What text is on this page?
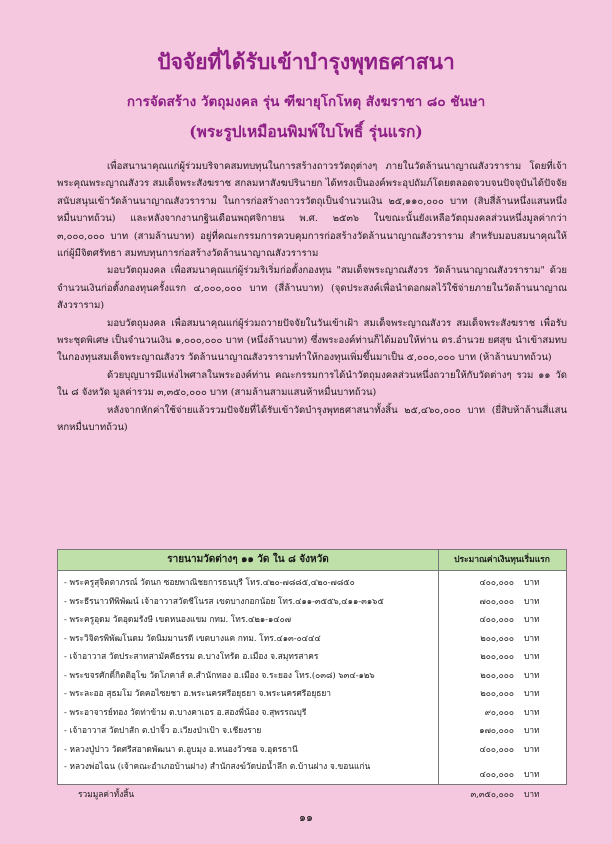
ปัจจัยที่ได้รับเข้าบำรุงพุทธศาสนา
การจัดสร้าง วัตถุมงคล รุ่น ฑีฆายุโกโหตุ สังฆราชา ๘๐ ชันษา
(พระรูปเหมือนพิมพ์ใบโพธิ์ รุ่นแรก)

เพื่อสนานาคุณแก่ผู้ร่วมบริจาคสมทบทุนในการสร้างถาวรวัตถุต่างๆ ภายในวัดล้านนาญาณสังวราราม โดยที่เจ้าพระคุณพระญาณสังวร สมเด็จพระสังฆราช สกลมหาสังฆปรินายก ได้ทรงเป็นองค์พระอุปถัมภ์โดยตลอดจวบจนปัจจุบันได้ปัจจัยสนับสนุนเข้าวัดล้านนาญาณสังวราราม ในการก่อสร้างถาวรวัตถุเป็นจำนวนเงิน ๒๕,๑๑๐,๐๐๐ บาท (สิบสี่ล้านหนึ่งแสนหนึ่งหมื่นบาทถ้วน) และหลังจากงานกฐินเดือนพฤศจิกายน พ.ศ. ๒๕๓๖ ในขณะนั้นยังเหลือวัตถุมงคลส่วนหนึ่งมูลค่ากว่า ๓,๐๐๐,๐๐๐ บาท (สามล้านบาท) อยู่ที่คณะกรรมการควบคุมการก่อสร้างวัดล้านนาญาณสังวราราม สำหรับมอบสมนาคุณให้แก่ผู้มีจิตศรัทธา สมทบทุนการก่อสร้างวัดล้านนาญาณสังวราราม

มอบวัตถุมงคล เพื่อสมนาคุณแก่ผู้ร่วมริเริ่มก่อตั้งกองทุน "สมเด็จพระญาณสังวร วัดล้านนาญาณสังวราราม" ด้วยจำนวนเงินก่อตั้งกองทุนครั้งแรก ๔,๐๐๐,๐๐๐ บาท (สี่ล้านบาท) (จุดประสงค์เพื่อนำดอกผลไว้ใช้จ่ายภายในวัดล้านนาญาณสังวราราม)

มอบวัตถุมงคล เพื่อสมนาคุณแก่ผู้ร่วมถวายปัจจัยในวันเข้าเฝ้า สมเด็จพระญาณสังวร สมเด็จพระสังฆราช เพื่อรับพระชุดพิเศษ เป็นจำนวนเงิน ๑,๐๐๐,๐๐๐ บาท (หนึ่งล้านบาท) ซึ่งพระองค์ท่านก็ได้มอบให้ท่าน ดร.อำนวย ยศสุข นำเข้าสมทบในกองทุนสมเด็จพระญาณสังวร วัดล้านนาญาณสังวรารามทำให้กองทุนเพิ่มขึ้นมาเป็น ๕,๐๐๐,๐๐๐ บาท (ห้าล้านบาทถ้วน)

ด้วยบุญบารมีแห่งไพศาลในพระองค์ท่าน คณะกรรมการได้นำวัตถุมงคลส่วนหนึ่งถวายให้กับวัดต่างๆ รวม ๑๑ วัด ใน ๘ จังหวัด มูลค่ารวม ๓,๓๕๐,๐๐๐ บาท (สามล้านสามแสนห้าหมื่นบาทถ้วน)

หลังจากหักค่าใช้จ่ายแล้วรวมปัจจัยที่ได้รับเข้าวัดบำรุงพุทธศาสนาทั้งสิ้น ๒๕,๔๖๐,๐๐๐ บาท (ยี่สิบห้าล้านสี่แสนหกหมื่นบาทถ้วน)

รายนามวัดต่างๆ ๑๑ วัด ใน ๘ จังหวัด	ประมาณค่าเงินทุนเริ่มแรก
- พระครูสุจิตตาภรณ์ วัดนก ซอยพาณิชยการธนบุรี โทร.๔๒๐-๗๘๘๕,๔๒๐-๗๘๕๐	๔๐๐,๐๐๐ บาท
- พระธีรนาวทีพิพัฒน์ เจ้าอาวาสวัดชีโนรส เขตบางกอกน้อย โทร.๔๑๑-๓๕๕๖,๔๑๑-๓๑๖๕	๗๐๐,๐๐๐ บาท
- พระครูอุดม วัดอุดมรังษี เขตหนองแขม กทม. โทร.๔๒๑-๑๔๐๗	๔๐๐,๐๐๐ บาท
- พระวิจิตรพิพัฒโนดม วัดนิมมานรดี เขตบางแค กทม. โทร.๔๑๓-๐๔๔๔	๒๐๐,๐๐๐ บาท
- เจ้าอาวาส วัดประสาทสามัคคีธรรม ต.บางโทรัด อ.เมือง จ.สมุทรสาคร	๒๐๐,๐๐๐ บาท
- พระขจรศักดิ์กิตติอุโฆ วัดโภคาส์ ต.สำนักทอง อ.เมือง จ.ระยอง โทร.(๐๓๘) ๖๓๔-๑๒๖	๒๐๐,๐๐๐ บาท
- พระละออ สุธมโม วัดคอไซยชา อ.พระนครศรีอยุธยา จ.พระนครศรีอยุธยา	๒๐๐,๐๐๐ บาท
- พระอาจารย์ทอง วัดท่าข้าม ต.บางคาเอร อ.สองพี่น้อง จ.สุพรรณบุรี	๙๐,๐๐๐ บาท
- เจ้าอาวาส วัดปาสัก ต.ป่าจิ้ว อ.เวียงป่าเป้า จ.เชียงราย	๑๗๐,๐๐๐ บาท
- หลวงปู่ปาว วัดศรีสอาดพัฒนา ต.อูบมุง อ.หนองวัวซอ จ.อุดรธานี	๔๐๐,๐๐๐ บาท
- หลวงพ่อไฉน (เจ้าคณะอำเภอบ้านฝาง) สำนักสงฆ์วัดบ่อน้ำลึก ต.บ้านฝาง จ.ขอนแก่น
๔๐๐,๐๐๐ บาท
รวมมูลค่าทั้งสิ้น	๓,๓๕๐,๐๐๐ บาท
๑๑
